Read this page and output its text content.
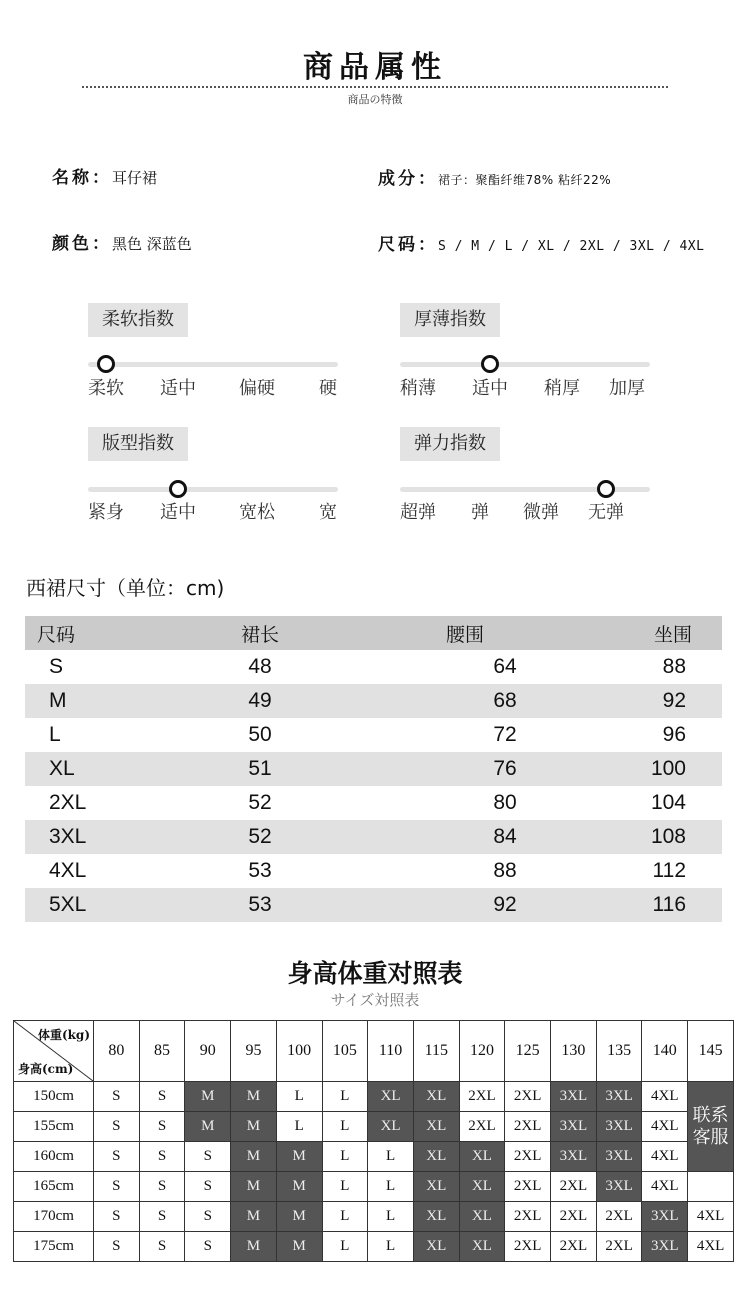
商品属性
商品の特徴
名称：耳仔裙	成分：裙子：聚酯纤维78% 粘纤22%
颜色：黑色 深蓝色	尺码：S / M / L / XL / 2XL / 3XL / 4XL
柔软指数
柔软 适中 偏硬 硬
厚薄指数
稍薄 适中 稍厚 加厚
版型指数
紧身 适中 宽松 宽
弹力指数
超弹 弹 微弹 无弹
西裙尺寸（单位：cm)
尺码	裙长	腰围	坐围
S	48	64	88
M	49	68	92
L	50	72	96
XL	51	76	100
2XL	52	80	104
3XL	52	84	108
4XL	53	88	112
5XL	53	92	116
身高体重对照表
サイズ対照表
体重(kg)
身高(cm)	80	85	90	95	100	105	110	115	120	125	130	135	140	145
150cm	S	S	M	M	L	L	XL	XL	2XL	2XL	3XL	3XL	4XL	联系
客服
155cm	S	S	M	M	L	L	XL	XL	2XL	2XL	3XL	3XL	4XL	
160cm	S	S	S	M	M	L	L	XL	XL	2XL	3XL	3XL	4XL	
165cm	S	S	S	M	M	L	L	XL	XL	2XL	2XL	3XL	4XL	
170cm	S	S	S	M	M	L	L	XL	XL	2XL	2XL	2XL	3XL	4XL
175cm	S	S	S	M	M	L	L	XL	XL	2XL	2XL	2XL	3XL	4XL
